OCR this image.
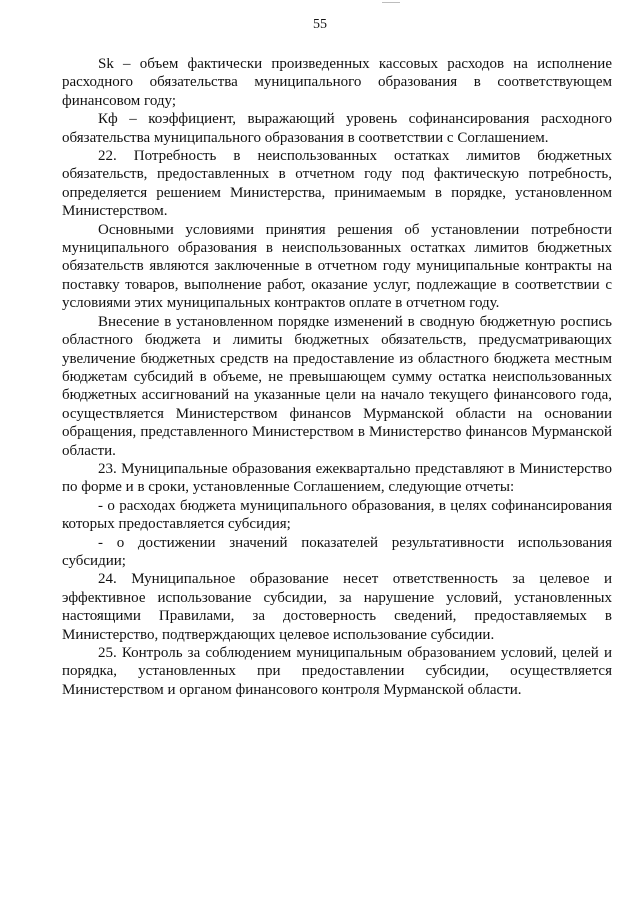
55

Sk – объем фактически произведенных кассовых расходов на исполнение расходного обязательства муниципального образования в соответствующем финансовом году;

Кф – коэффициент, выражающий уровень софинансирования расходного обязательства муниципального образования в соответствии с Соглашением.

22. Потребность в неиспользованных остатках лимитов бюджетных обязательств, предоставленных в отчетном году под фактическую потребность, определяется решением Министерства, принимаемым в порядке, установленном Министерством.

Основными условиями принятия решения об установлении потребности муниципального образования в неиспользованных остатках лимитов бюджетных обязательств являются заключенные в отчетном году муниципальные контракты на поставку товаров, выполнение работ, оказание услуг, подлежащие в соответствии с условиями этих муниципальных контрактов оплате в отчетном году.

Внесение в установленном порядке изменений в сводную бюджетную роспись областного бюджета и лимиты бюджетных обязательств, предусматривающих увеличение бюджетных средств на предоставление из областного бюджета местным бюджетам субсидий в объеме, не превышающем сумму остатка неиспользованных бюджетных ассигнований на указанные цели на начало текущего финансового года, осуществляется Министерством финансов Мурманской области на основании обращения, представленного Министерством в Министерство финансов Мурманской области.

23. Муниципальные образования ежеквартально представляют в Министерство по форме и в сроки, установленные Соглашением, следующие отчеты:

- о расходах бюджета муниципального образования, в целях софинансирования которых предоставляется субсидия;

- о достижении значений показателей результативности использования субсидии;

24. Муниципальное образование несет ответственность за целевое и эффективное использование субсидии, за нарушение условий, установленных настоящими Правилами, за достоверность сведений, предоставляемых в Министерство, подтверждающих целевое использование субсидии.

25. Контроль за соблюдением муниципальным образованием условий, целей и порядка, установленных при предоставлении субсидии, осуществляется Министерством и органом финансового контроля Мурманской области.
